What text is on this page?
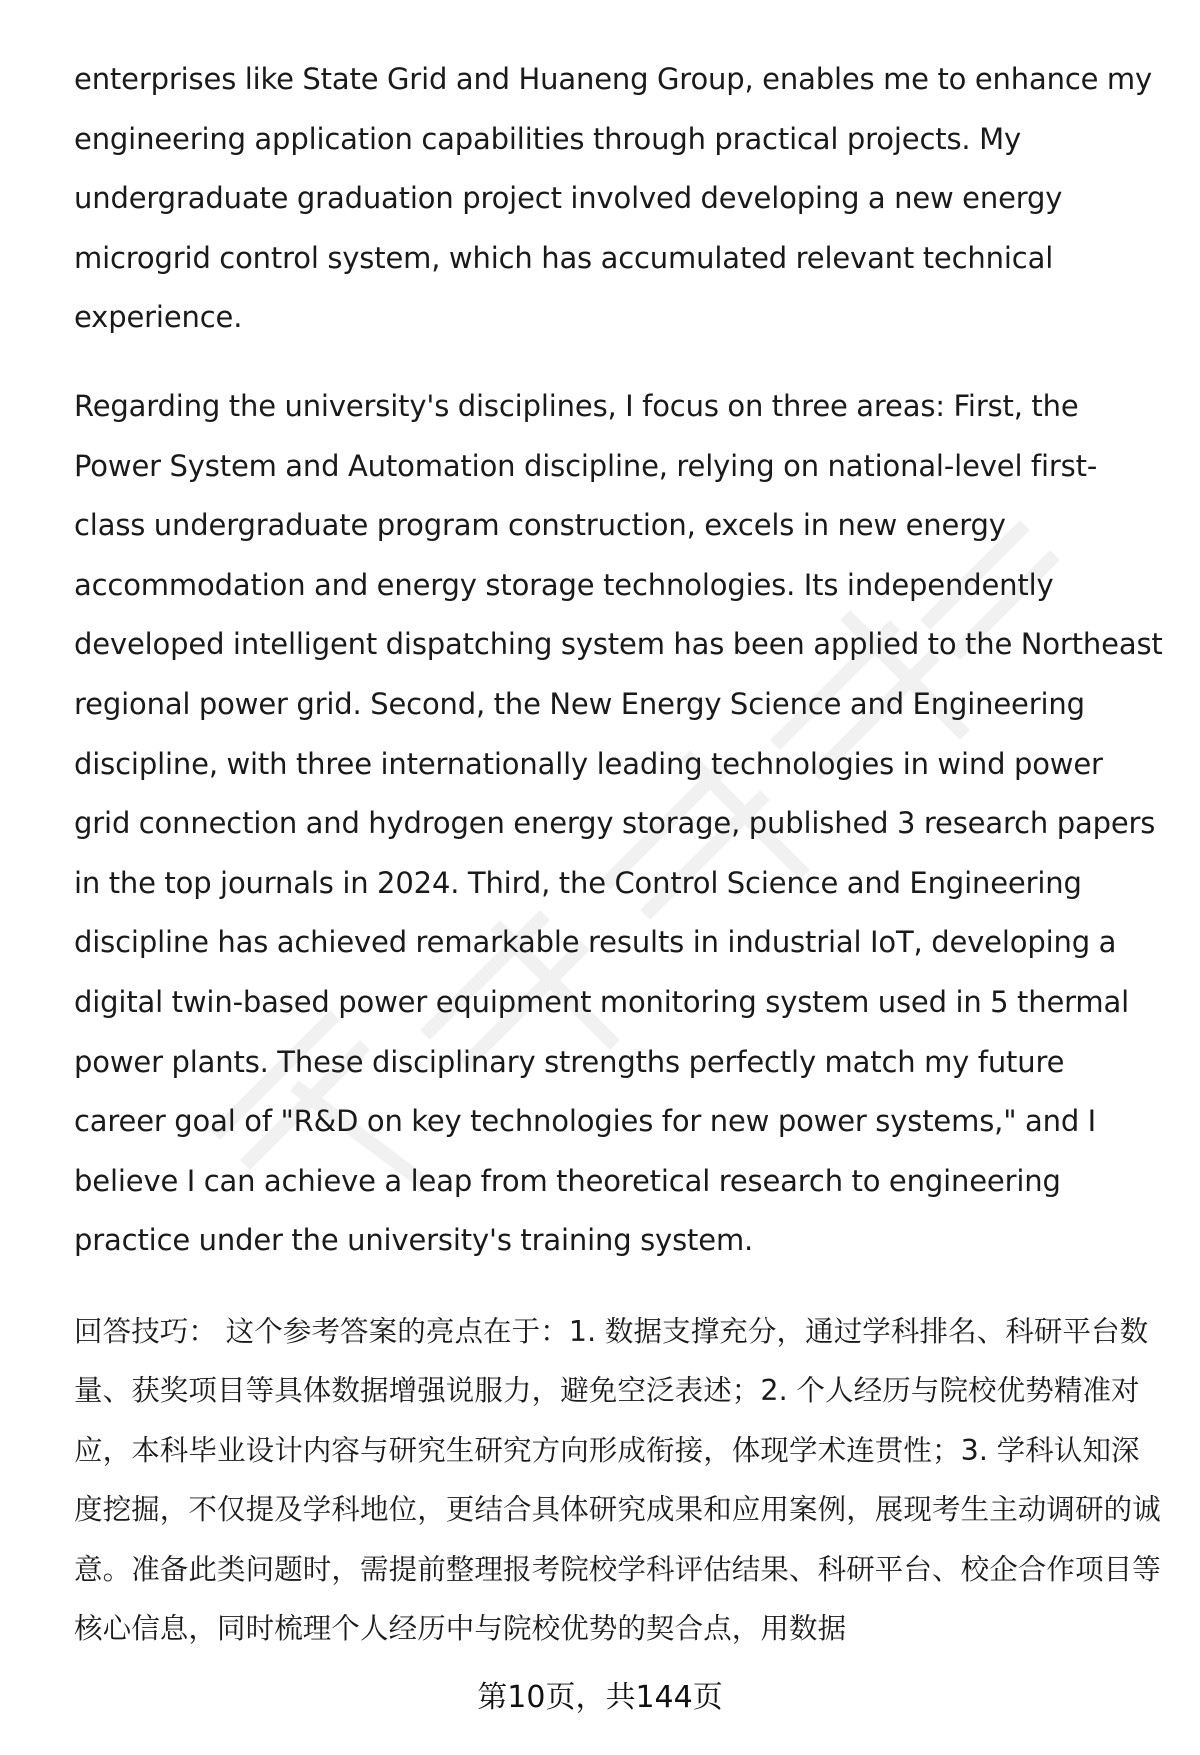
enterprises like State Grid and Huaneng Group, enables me to enhance my engineering application capabilities through practical projects. My undergraduate graduation project involved developing a new energy microgrid control system, which has accumulated relevant technical experience.

Regarding the university's disciplines, I focus on three areas: First, the Power System and Automation discipline, relying on national-level first-class undergraduate program construction, excels in new energy accommodation and energy storage technologies. Its independently developed intelligent dispatching system has been applied to the Northeast regional power grid. Second, the New Energy Science and Engineering discipline, with three internationally leading technologies in wind power grid connection and hydrogen energy storage, published 3 research papers in the top journals in 2024. Third, the Control Science and Engineering discipline has achieved remarkable results in industrial IoT, developing a digital twin-based power equipment monitoring system used in 5 thermal power plants. These disciplinary strengths perfectly match my future career goal of "R&D on key technologies for new power systems," and I believe I can achieve a leap from theoretical research to engineering practice under the university's training system.

回答技巧： 这个参考答案的亮点在于：1. 数据支撑充分，通过学科排名、科研平台数量、获奖项目等具体数据增强说服力，避免空泛表述；2. 个人经历与院校优势精准对应，本科毕业设计内容与研究生研究方向形成衔接，体现学术连贯性；3. 学科认知深度挖掘，不仅提及学科地位，更结合具体研究成果和应用案例，展现考生主动调研的诚意。准备此类问题时，需提前整理报考院校学科评估结果、科研平台、校企合作项目等核心信息，同时梳理个人经历中与院校优势的契合点，用数据

第10页，共144页
